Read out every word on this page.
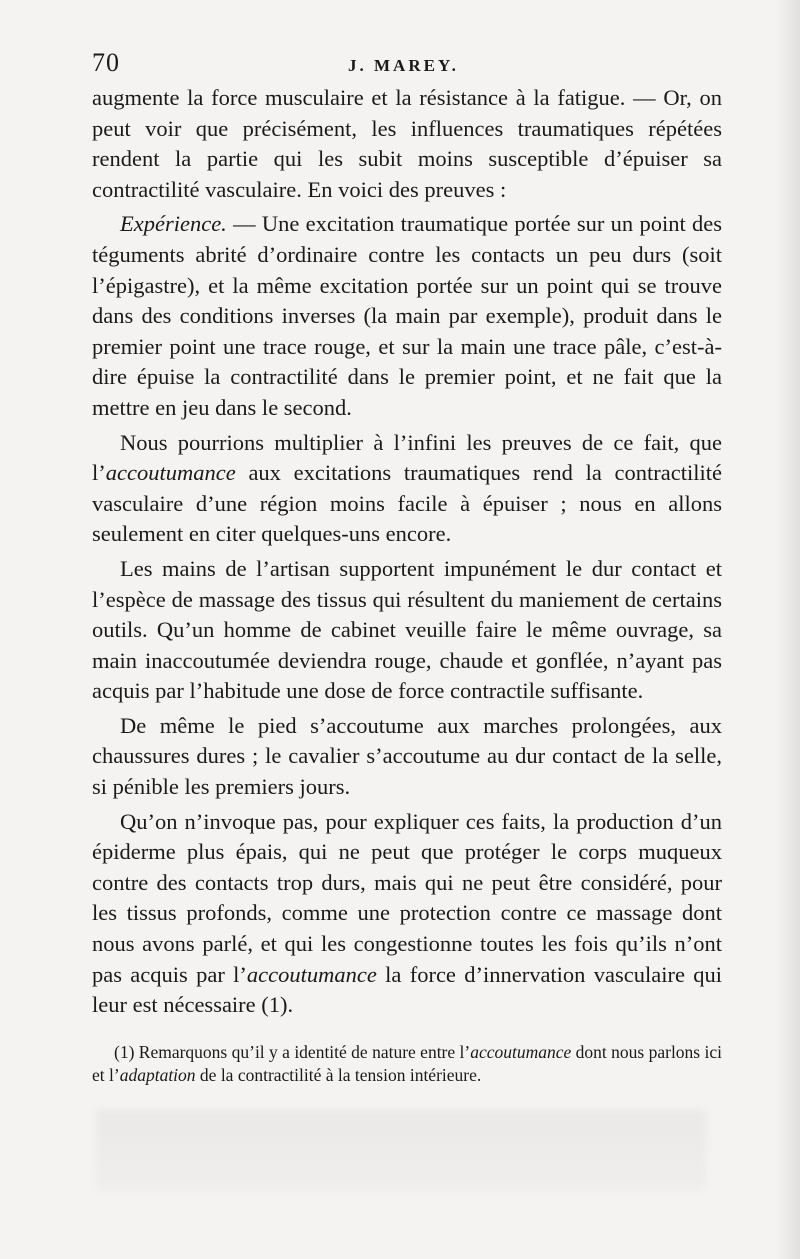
70	J. MAREY.

augmente la force musculaire et la résistance à la fatigue. — Or, on peut voir que précisément, les influences traumatiques répétées rendent la partie qui les subit moins susceptible d’épuiser sa contractilité vasculaire. En voici des preuves :

Expérience. — Une excitation traumatique portée sur un point des téguments abrité d’ordinaire contre les contacts un peu durs (soit l’épigastre), et la même excitation portée sur un point qui se trouve dans des conditions inverses (la main par exemple), produit dans le premier point une trace rouge, et sur la main une trace pâle, c’est-à-dire épuise la contractilité dans le premier point, et ne fait que la mettre en jeu dans le second.

Nous pourrions multiplier à l’infini les preuves de ce fait, que l’accoutumance aux excitations traumatiques rend la contractilité vasculaire d’une région moins facile à épuiser ; nous en allons seulement en citer quelques-uns encore.

Les mains de l’artisan supportent impunément le dur contact et l’espèce de massage des tissus qui résultent du maniement de certains outils. Qu’un homme de cabinet veuille faire le même ouvrage, sa main inaccoutumée deviendra rouge, chaude et gonflée, n’ayant pas acquis par l’habitude une dose de force contractile suffisante.

De même le pied s’accoutume aux marches prolongées, aux chaussures dures ; le cavalier s’accoutume au dur contact de la selle, si pénible les premiers jours.

Qu’on n’invoque pas, pour expliquer ces faits, la production d’un épiderme plus épais, qui ne peut que protéger le corps muqueux contre des contacts trop durs, mais qui ne peut être considéré, pour les tissus profonds, comme une protection contre ce massage dont nous avons parlé, et qui les congestionne toutes les fois qu’ils n’ont pas acquis par l’accoutumance la force d’innervation vasculaire qui leur est nécessaire (1).

(1) Remarquons qu’il y a identité de nature entre l’accoutumance dont nous parlons ici et l’adaptation de la contractilité à la tension intérieure.
